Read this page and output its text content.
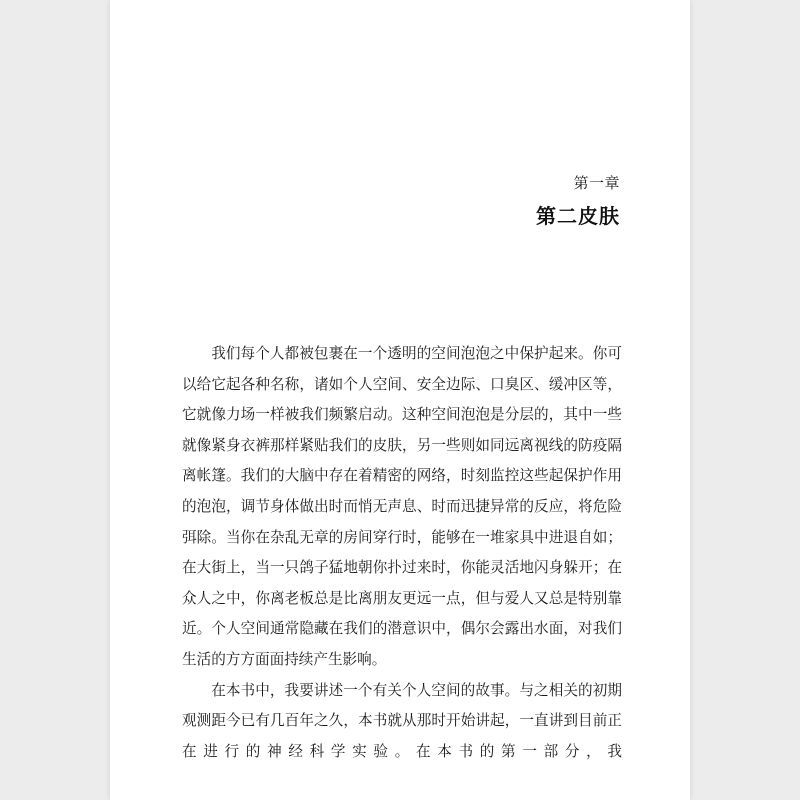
第一章
第二皮肤

我们每个人都被包裹在一个透明的空间泡泡之中保护起来。你可以给它起各种名称，诸如个人空间、安全边际、口臭区、缓冲区等，它就像力场一样被我们频繁启动。这种空间泡泡是分层的，其中一些就像紧身衣裤那样紧贴我们的皮肤，另一些则如同远离视线的防疫隔离帐篷。我们的大脑中存在着精密的网络，时刻监控这些起保护作用的泡泡，调节身体做出时而悄无声息、时而迅捷异常的反应，将危险弭除。当你在杂乱无章的房间穿行时，能够在一堆家具中进退自如；在大街上，当一只鸽子猛地朝你扑过来时，你能灵活地闪身躲开；在众人之中，你离老板总是比离朋友更远一点，但与爱人又总是特别靠近。个人空间通常隐藏在我们的潜意识中，偶尔会露出水面，对我们生活的方方面面持续产生影响。

在本书中，我要讲述一个有关个人空间的故事。与之相关的初期观测距今已有几百年之久，本书就从那时开始讲起，一直讲到目前正在进行的神经科学实验。在本书的第一部分，我
